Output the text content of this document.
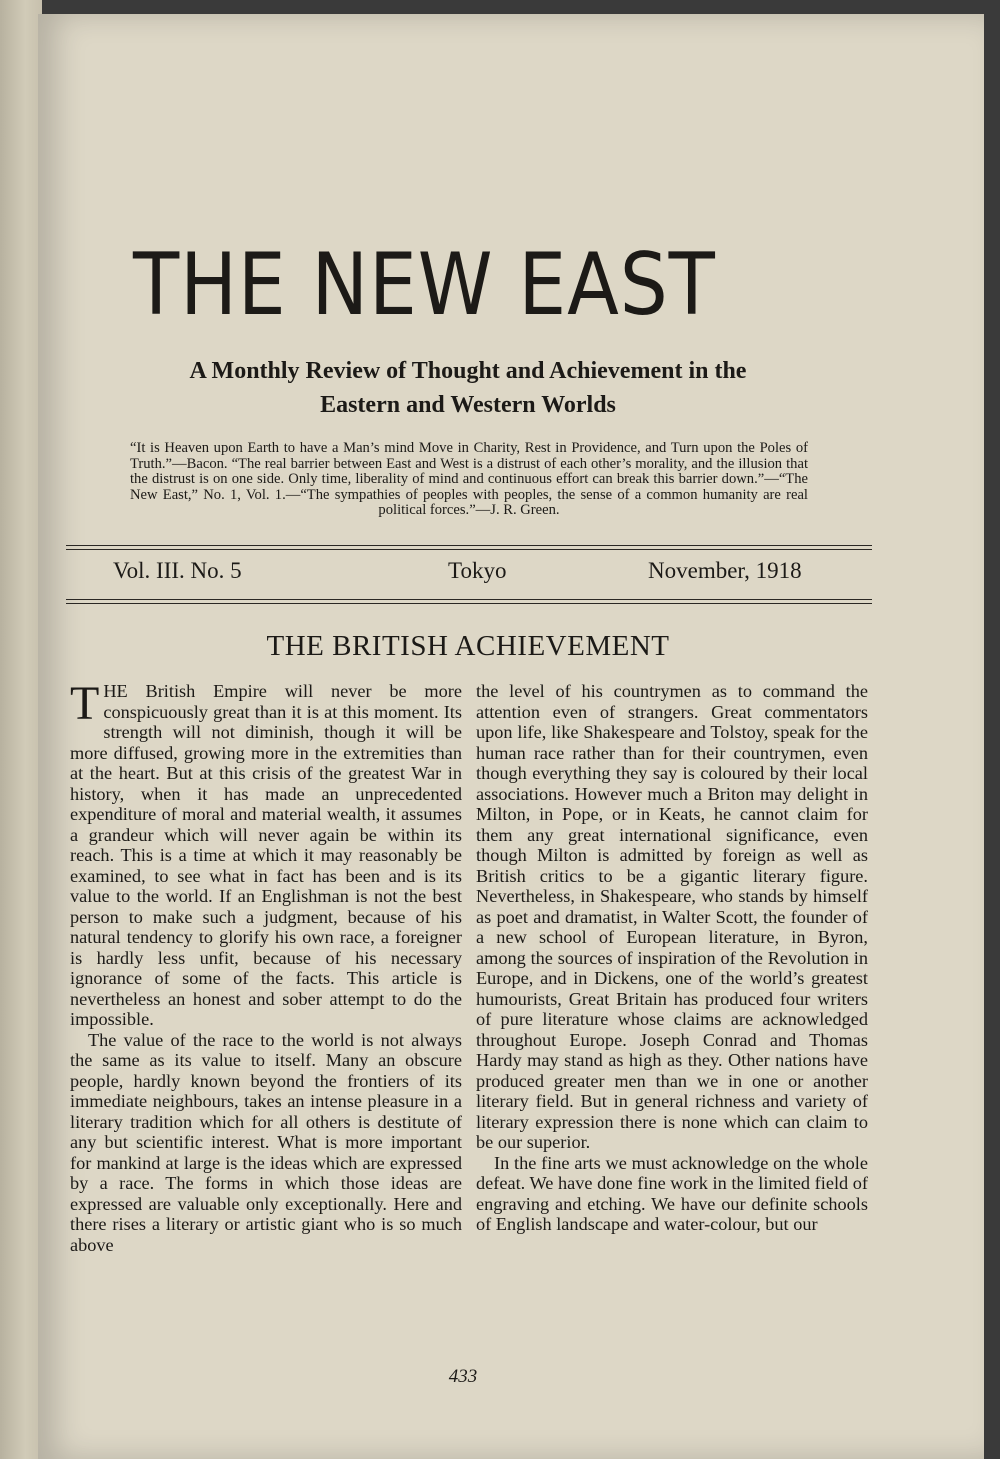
THE NEW EAST
A Monthly Review of Thought and Achievement in the
Eastern and Western Worlds
“It is Heaven upon Earth to have a Man’s mind Move in Charity, Rest in Providence, and Turn upon the Poles of Truth.”—Bacon. “The real barrier between East and West is a distrust of each other’s morality, and the illusion that the distrust is on one side. Only time, liberality of mind and continuous effort can break this barrier down.”—“The New East,” No. 1, Vol. 1.—“The sympathies of peoples with peoples, the sense of a common humanity are real political forces.”—J. R. Green.
Vol. III. No. 5	Tokyo	November, 1918
THE BRITISH ACHIEVEMENT

THE British Empire will never be more conspicuously great than it is at this moment. Its strength will not diminish, though it will be more diffused, growing more in the extremities than at the heart. But at this crisis of the greatest War in history, when it has made an unprecedented expenditure of moral and material wealth, it assumes a grandeur which will never again be within its reach. This is a time at which it may reasonably be examined, to see what in fact has been and is its value to the world. If an Englishman is not the best person to make such a judgment, because of his natural tendency to glorify his own race, a foreigner is hardly less unfit, because of his necessary ignorance of some of the facts. This article is nevertheless an honest and sober attempt to do the impossible.

The value of the race to the world is not always the same as its value to itself. Many an obscure people, hardly known beyond the frontiers of its immediate neighbours, takes an intense pleasure in a literary tradition which for all others is destitute of any but scientific interest. What is more important for mankind at large is the ideas which are expressed by a race. The forms in which those ideas are expressed are valuable only exceptionally. Here and there rises a literary or artistic giant who is so much above

the level of his countrymen as to command the attention even of strangers. Great commentators upon life, like Shakespeare and Tolstoy, speak for the human race rather than for their countrymen, even though everything they say is coloured by their local associations. However much a Briton may delight in Milton, in Pope, or in Keats, he cannot claim for them any great international significance, even though Milton is admitted by foreign as well as British critics to be a gigantic literary figure. Nevertheless, in Shakespeare, who stands by himself as poet and dramatist, in Walter Scott, the founder of a new school of European literature, in Byron, among the sources of inspiration of the Revolution in Europe, and in Dickens, one of the world’s greatest humourists, Great Britain has produced four writers of pure literature whose claims are acknowledged throughout Europe. Joseph Conrad and Thomas Hardy may stand as high as they. Other nations have produced greater men than we in one or another literary field. But in general richness and variety of literary expression there is none which can claim to be our superior.

In the fine arts we must acknowledge on the whole defeat. We have done fine work in the limited field of engraving and etching. We have our definite schools of English landscape and water-colour, but our

433
